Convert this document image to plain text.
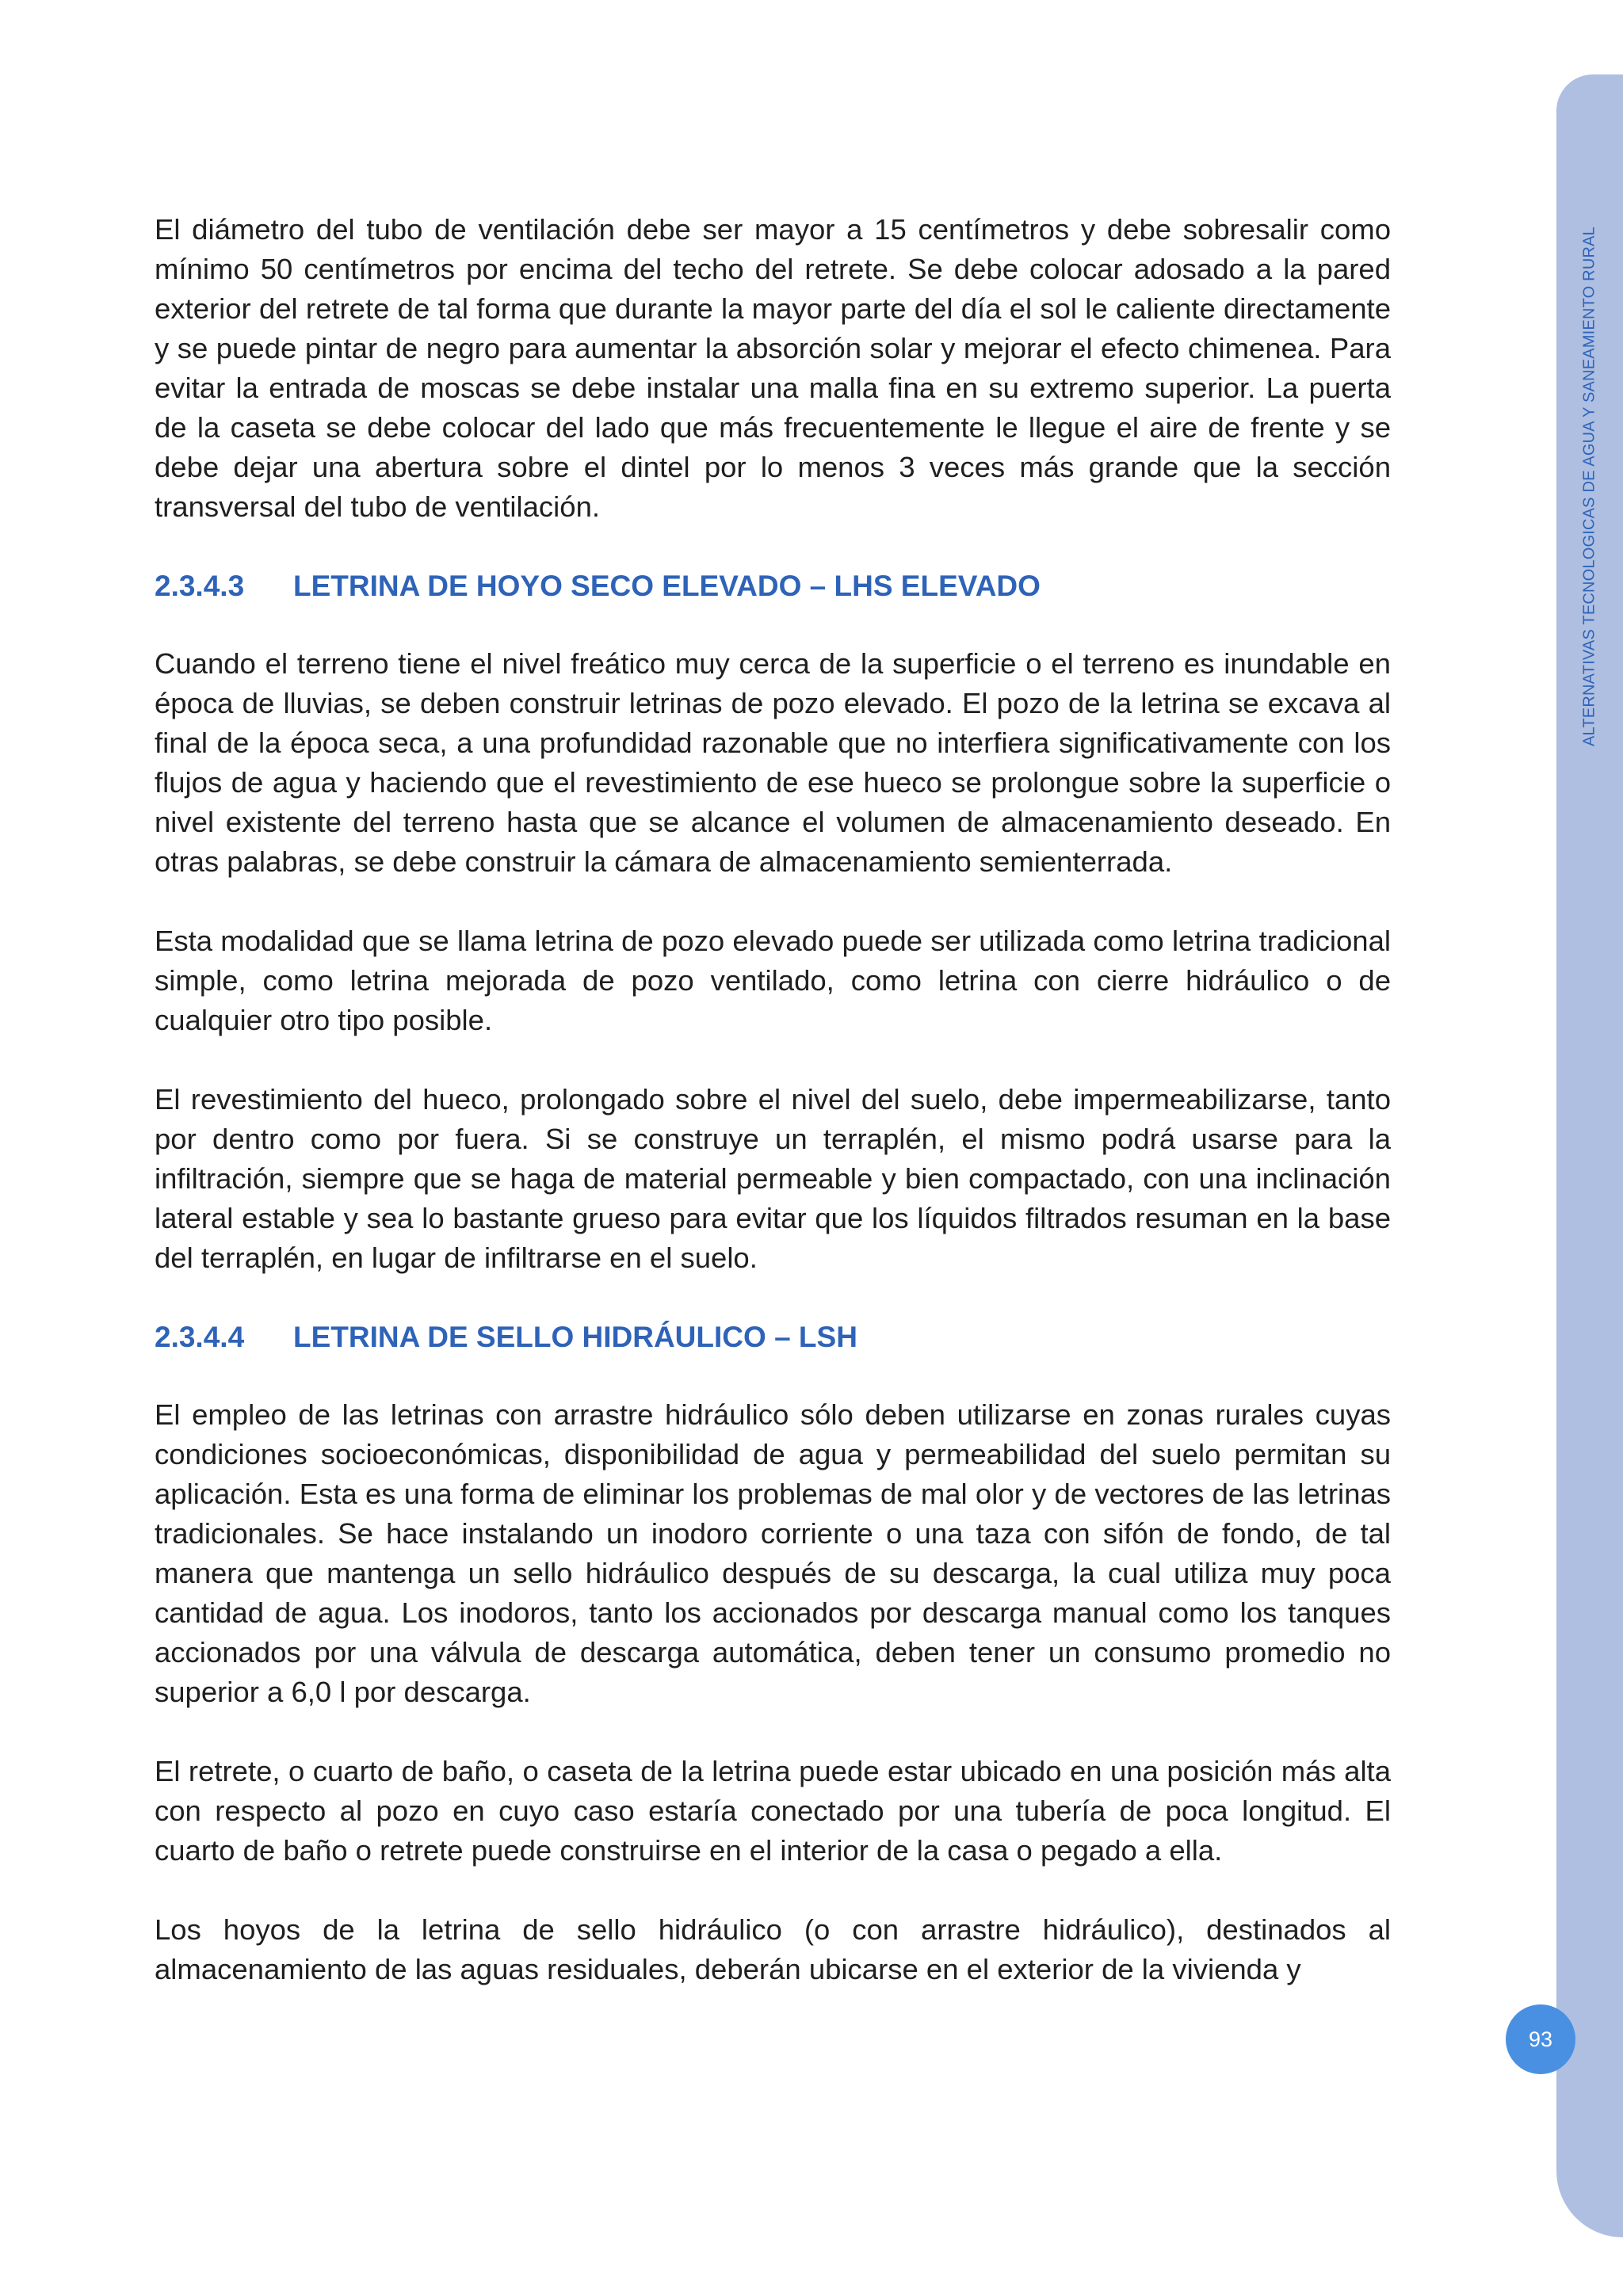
ALTERNATIVAS TECNOLOGICAS DE AGUA Y SANEAMIENTO RURAL

El diámetro del tubo de ventilación debe ser mayor a 15 centímetros y debe sobresalir como mínimo 50 centímetros por encima del techo del retrete. Se debe colocar adosado a la pared exterior del retrete de tal forma que durante la mayor parte del día el sol le caliente directamente y se puede pintar de negro para aumentar la absorción solar y mejorar el efecto chimenea. Para evitar la entrada de moscas se debe instalar una malla fina en su extremo superior. La puerta de la caseta se debe colocar del lado que más frecuentemente le llegue el aire de frente y se debe dejar una abertura sobre el dintel por lo menos 3 veces más grande que la sección transversal del tubo de ventilación.

2.3.4.3 LETRINA DE HOYO SECO ELEVADO – LHS ELEVADO

Cuando el terreno tiene el nivel freático muy cerca de la superficie o el terreno es inundable en época de lluvias, se deben construir letrinas de pozo elevado. El pozo de la letrina se excava al final de la época seca, a una profundidad razonable que no interfiera significativamente con los flujos de agua y haciendo que el revestimiento de ese hueco se prolongue sobre la superficie o nivel existente del terreno hasta que se alcance el volumen de almacenamiento deseado. En otras palabras, se debe construir la cámara de almacenamiento semienterrada.

Esta modalidad que se llama letrina de pozo elevado puede ser utilizada como letrina tradicional simple, como letrina mejorada de pozo ventilado, como letrina con cierre hidráulico o de cualquier otro tipo posible.

El revestimiento del hueco, prolongado sobre el nivel del suelo, debe impermeabilizarse, tanto por dentro como por fuera. Si se construye un terraplén, el mismo podrá usarse para la infiltración, siempre que se haga de material permeable y bien compactado, con una inclinación lateral estable y sea lo bastante grueso para evitar que los líquidos filtrados resuman en la base del terraplén, en lugar de infiltrarse en el suelo.

2.3.4.4 LETRINA DE SELLO HIDRÁULICO – LSH

El empleo de las letrinas con arrastre hidráulico sólo deben utilizarse en zonas rurales cuyas condiciones socioeconómicas, disponibilidad de agua y permeabilidad del suelo permitan su aplicación. Esta es una forma de eliminar los problemas de mal olor y de vectores de las letrinas tradicionales. Se hace instalando un inodoro corriente o una taza con sifón de fondo, de tal manera que mantenga un sello hidráulico después de su descarga, la cual utiliza muy poca cantidad de agua. Los inodoros, tanto los accionados por descarga manual como los tanques accionados por una válvula de descarga automática, deben tener un consumo promedio no superior a 6,0 l por descarga.

El retrete, o cuarto de baño, o caseta de la letrina puede estar ubicado en una posición más alta con respecto al pozo en cuyo caso estaría conectado por una tubería de poca longitud. El cuarto de baño o retrete puede construirse en el interior de la casa o pegado a ella.

Los hoyos de la letrina de sello hidráulico (o con arrastre hidráulico), destinados al almacenamiento de las aguas residuales, deberán ubicarse en el exterior de la vivienda y

93
